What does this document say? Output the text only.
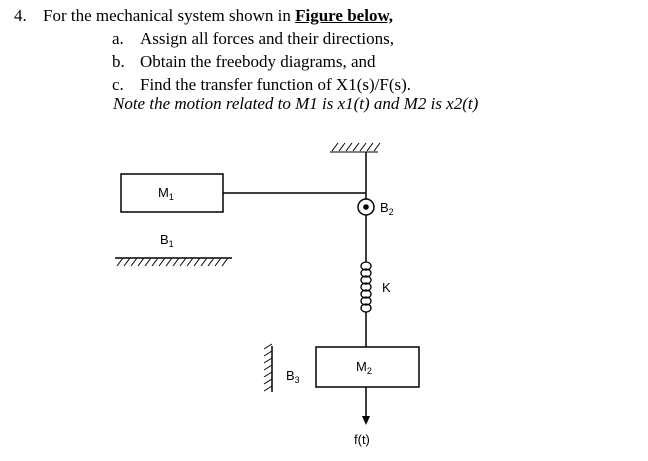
4. For the mechanical system shown in Figure below,
a. Assign all forces and their directions,
b. Obtain the freebody diagrams, and
c. Find the transfer function of X1(s)/F(s).
Note the motion related to M1 is x1(t) and M2 is x2(t)
$M_1$
$B_2$
$B_1$
K
$M_2$
$B_3$
f(t)
